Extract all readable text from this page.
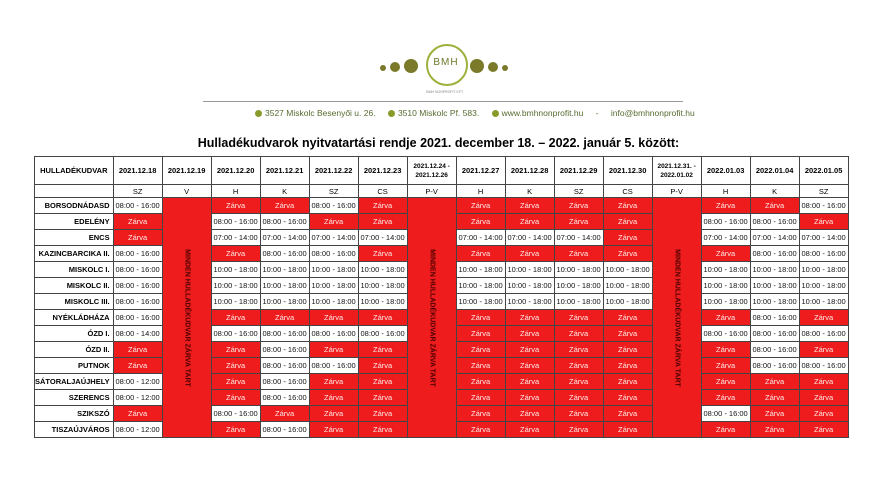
BMH
BMH NONPROFIT KFT.
3527 Miskolc Besenyői u. 26.	3510 Miskolc Pf. 583.	www.bmhnonprofit.hu - info@bmhnonprofit.hu
Hulladékudvarok nyitvatartási rendje 2021. december 18. – 2022. január 5. között:
HULLADÉKUDVAR	2021.12.18	2021.12.19	2021.12.20	2021.12.21	2021.12.22	2021.12.23	2021.12.24 - 2021.12.26	2021.12.27	2021.12.28	2021.12.29	2021.12.30	2021.12.31. - 2022.01.02	2022.01.03	2022.01.04	2022.01.05
	SZ	V	H	K	SZ	CS	P-V	H	K	SZ	CS	P-V	H	K	SZ
BORSODNÁDASD	08:00 - 16:00	MINDEN HULLADÉKUDVAR ZÁRVA TART	Zárva	Zárva	08:00 - 16:00	Zárva	MINDEN HULLADÉKUDVAR ZÁRVA TART	Zárva	Zárva	Zárva	Zárva	MINDEN HULLADÉKUDVAR ZÁRVA TART	Zárva	Zárva	08:00 - 16:00
EDELÉNY	Zárva		08:00 - 16:00	08:00 - 16:00	Zárva	Zárva		Zárva	Zárva	Zárva	Zárva		08:00 - 16:00	08:00 - 16:00	Zárva
ENCS	Zárva		07:00 - 14:00	07:00 - 14:00	07:00 - 14:00	07:00 - 14:00		07:00 - 14:00	07:00 - 14:00	07:00 - 14:00	Zárva		07:00 - 14:00	07:00 - 14:00	07:00 - 14:00
KAZINCBARCIKA II.	08:00 - 16:00		Zárva	08:00 - 16:00	08:00 - 16:00	Zárva		Zárva	Zárva	Zárva	Zárva		Zárva	08:00 - 16:00	08:00 - 16:00
MISKOLC I.	08:00 - 16:00		10:00 - 18:00	10:00 - 18:00	10:00 - 18:00	10:00 - 18:00		10:00 - 18:00	10:00 - 18:00	10:00 - 18:00	10:00 - 18:00		10:00 - 18:00	10:00 - 18:00	10:00 - 18:00
MISKOLC II.	08:00 - 16:00		10:00 - 18:00	10:00 - 18:00	10:00 - 18:00	10:00 - 18:00		10:00 - 18:00	10:00 - 18:00	10:00 - 18:00	10:00 - 18:00		10:00 - 18:00	10:00 - 18:00	10:00 - 18:00
MISKOLC III.	08:00 - 16:00		10:00 - 18:00	10:00 - 18:00	10:00 - 18:00	10:00 - 18:00		10:00 - 18:00	10:00 - 18:00	10:00 - 18:00	10:00 - 18:00		10:00 - 18:00	10:00 - 18:00	10:00 - 18:00
NYÉKLÁDHÁZA	08:00 - 16:00		Zárva	Zárva	Zárva	Zárva		Zárva	Zárva	Zárva	Zárva		Zárva	08:00 - 16:00	Zárva
ÓZD I.	08:00 - 14:00		08:00 - 16:00	08:00 - 16:00	08:00 - 16:00	08:00 - 16:00		Zárva	Zárva	Zárva	Zárva		08:00 - 16:00	08:00 - 16:00	08:00 - 16:00
ÓZD II.	Zárva		Zárva	08:00 - 16:00	Zárva	Zárva		Zárva	Zárva	Zárva	Zárva		Zárva	08:00 - 16:00	Zárva
PUTNOK	Zárva		Zárva	08:00 - 16:00	08:00 - 16:00	Zárva		Zárva	Zárva	Zárva	Zárva		Zárva	08:00 - 16:00	08:00 - 16:00
SÁTORALJAÚJHELY	08:00 - 12:00		Zárva	08:00 - 16:00	Zárva	Zárva		Zárva	Zárva	Zárva	Zárva		Zárva	Zárva	Zárva
SZERENCS	08:00 - 12:00		Zárva	08:00 - 16:00	Zárva	Zárva		Zárva	Zárva	Zárva	Zárva		Zárva	Zárva	Zárva
SZIKSZÓ	Zárva		08:00 - 16:00	Zárva	Zárva	Zárva		Zárva	Zárva	Zárva	Zárva		08:00 - 16:00	Zárva	Zárva
TISZAÚJVÁROS	08:00 - 12:00		Zárva	08:00 - 16:00	Zárva	Zárva		Zárva	Zárva	Zárva	Zárva		Zárva	Zárva	Zárva
